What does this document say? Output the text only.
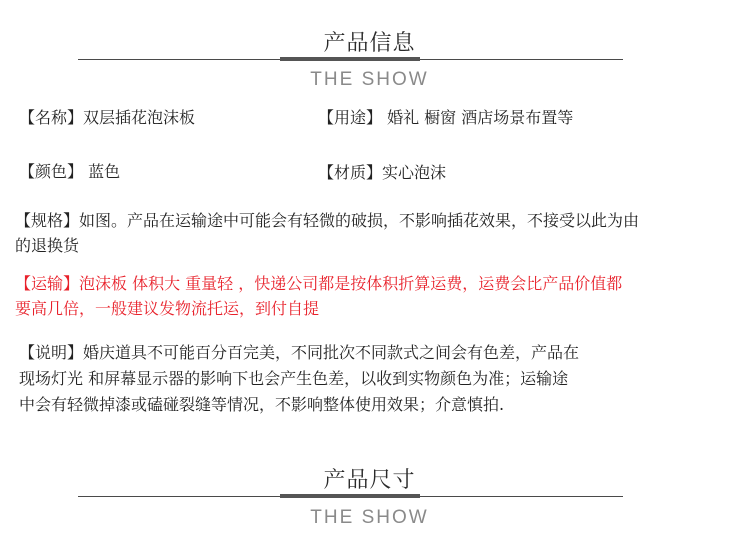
产品信息
THE SHOW
【名称】双层插花泡沫板	【用途】 婚礼 橱窗 酒店场景布置等
【颜色】 蓝色	【材质】实心泡沫
【规格】如图。产品在运输途中可能会有轻微的破损，不影响插花效果，不接受以此为由
的退换货
【运输】泡沫板 体积大 重量轻 ，快递公司都是按体积折算运费，运费会比产品价值都
要高几倍，一般建议发物流托运，到付自提
【说明】婚庆道具不可能百分百完美，不同批次不同款式之间会有色差，产品在
现场灯光 和屏幕显示器的影响下也会产生色差，以收到实物颜色为准；运输途
中会有轻微掉漆或磕碰裂缝等情况，不影响整体使用效果；介意慎拍.
产品尺寸
THE SHOW
